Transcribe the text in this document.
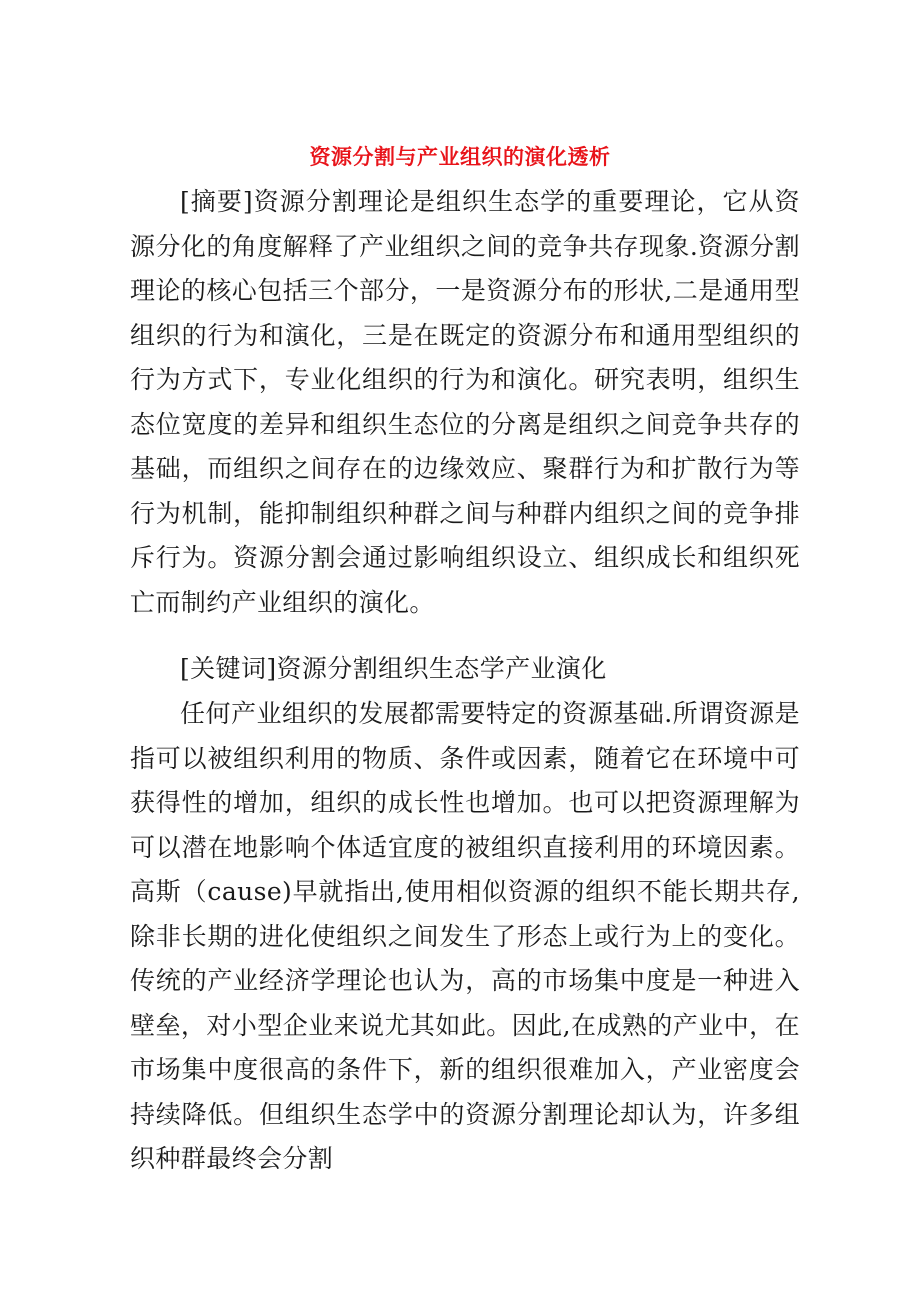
资源分割与产业组织的演化透析

[摘要]资源分割理论是组织生态学的重要理论，它从资源分化的角度解释了产业组织之间的竞争共存现象.资源分割理论的核心包括三个部分，一是资源分布的形状,二是通用型组织的行为和演化，三是在既定的资源分布和通用型组织的行为方式下，专业化组织的行为和演化。研究表明，组织生态位宽度的差异和组织生态位的分离是组织之间竞争共存的基础，而组织之间存在的边缘效应、聚群行为和扩散行为等行为机制，能抑制组织种群之间与种群内组织之间的竞争排斥行为。资源分割会通过影响组织设立、组织成长和组织死亡而制约产业组织的演化。

[关键词]资源分割组织生态学产业演化

任何产业组织的发展都需要特定的资源基础.所谓资源是指可以被组织利用的物质、条件或因素，随着它在环境中可获得性的增加，组织的成长性也增加。也可以把资源理解为可以潜在地影响个体适宜度的被组织直接利用的环境因素。高斯（cause)早就指出,使用相似资源的组织不能长期共存,除非长期的进化使组织之间发生了形态上或行为上的变化。传统的产业经济学理论也认为，高的市场集中度是一种进入壁垒，对小型企业来说尤其如此。因此,在成熟的产业中，在市场集中度很高的条件下，新的组织很难加入，产业密度会持续降低。但组织生态学中的资源分割理论却认为，许多组织种群最终会分割
